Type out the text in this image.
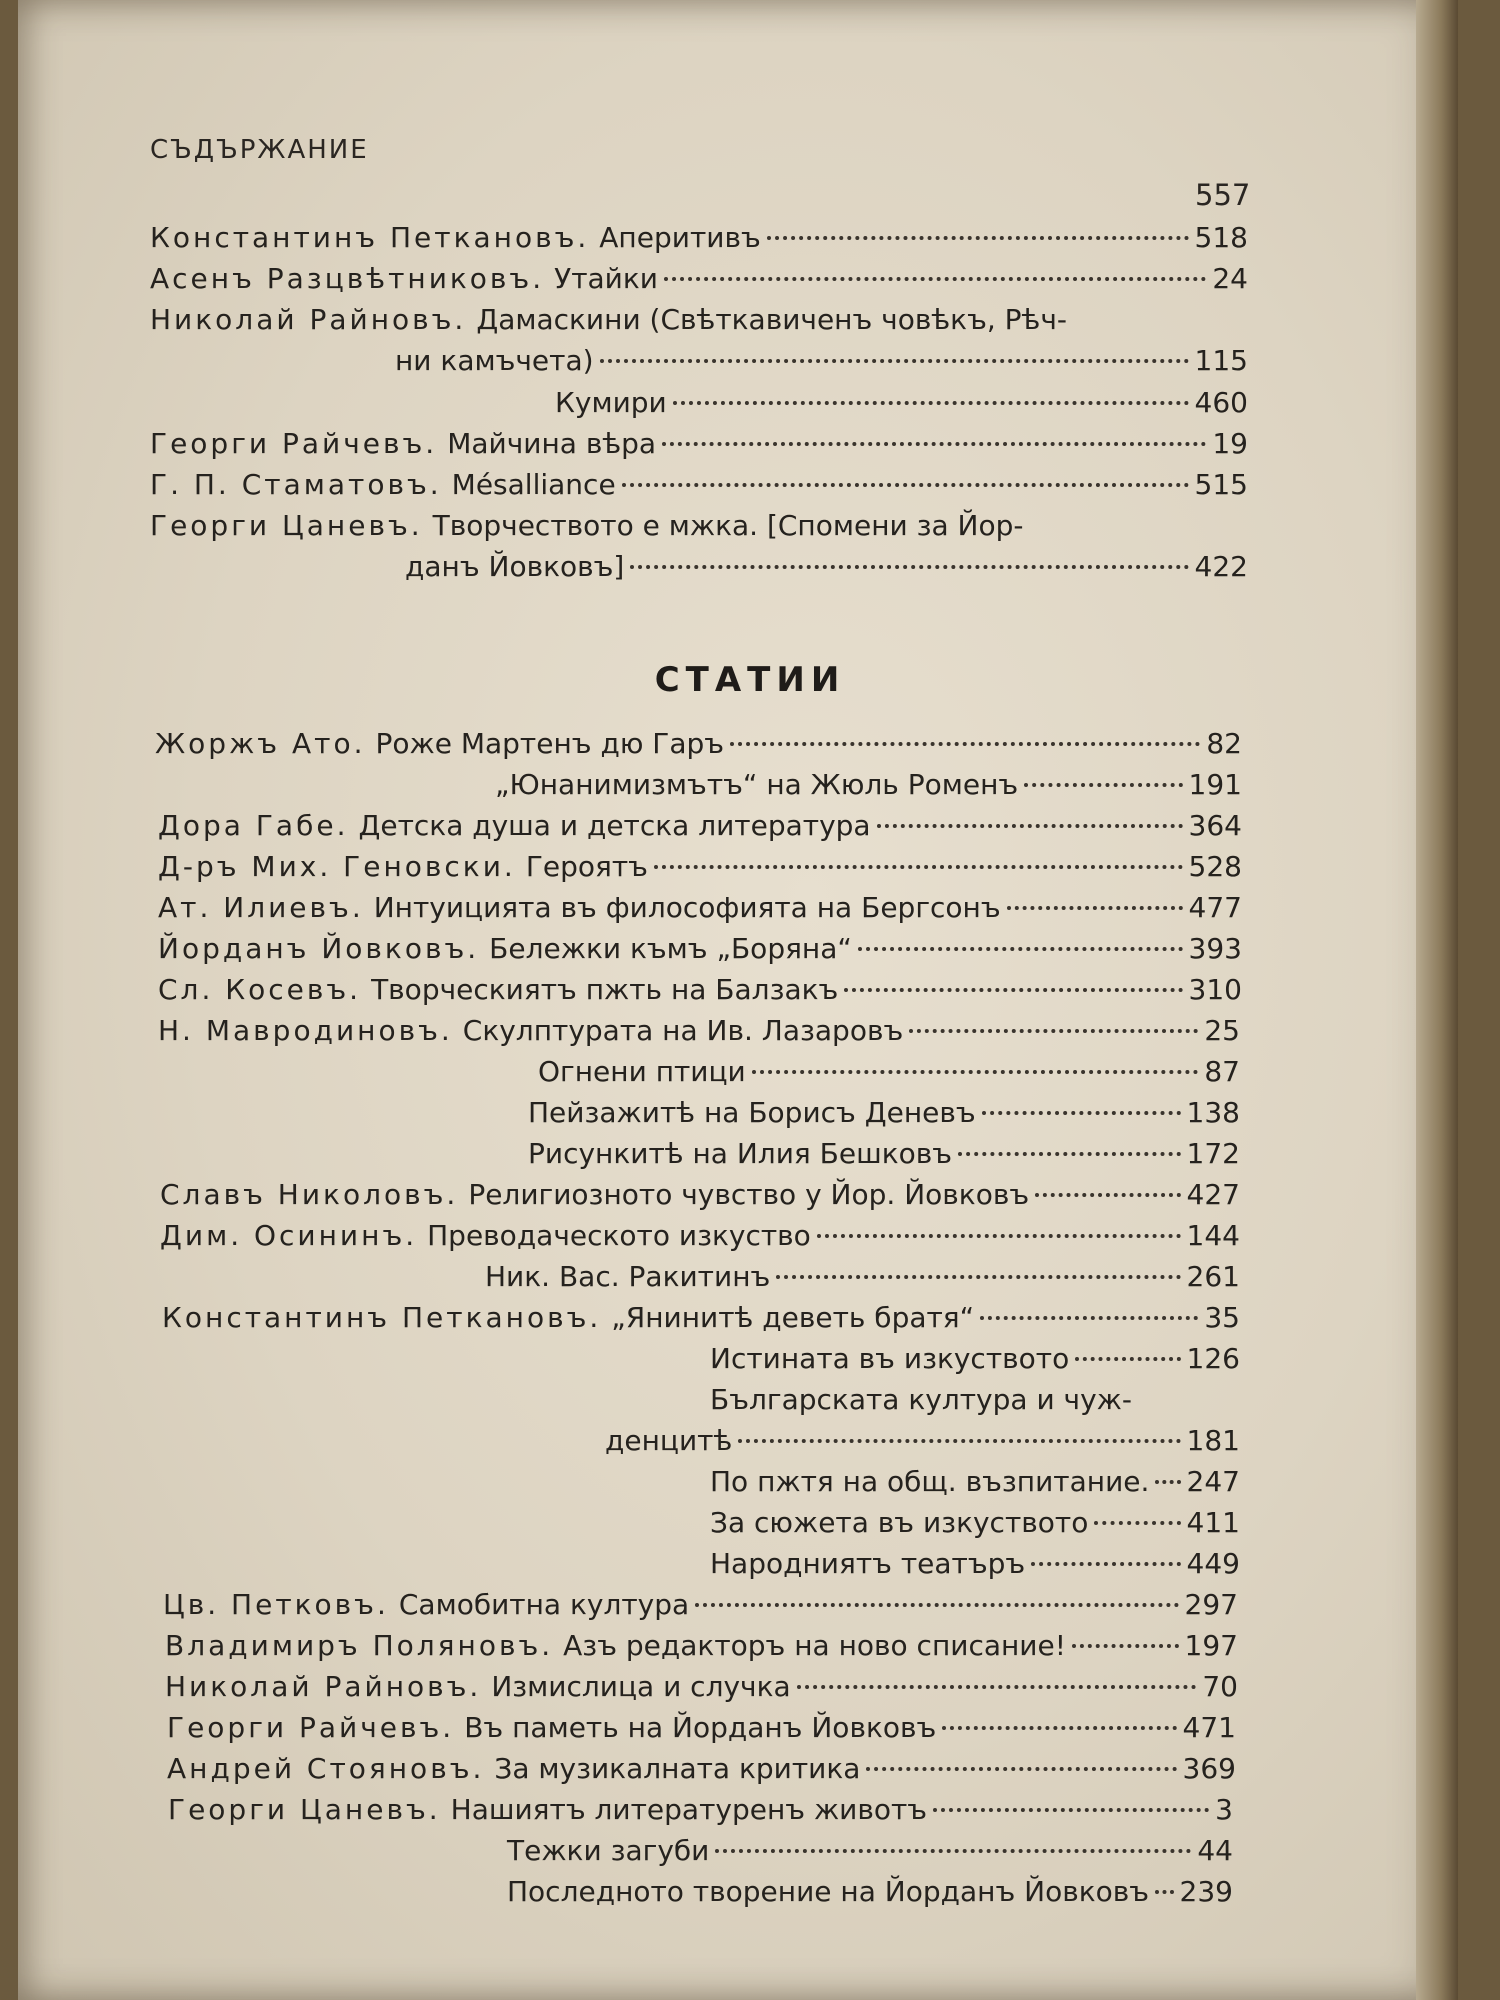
СЪДЪРЖАНИЕ
557
СТАТИИ
Константинъ Петкановъ. Аперитивъ	518
Асенъ Разцвѣтниковъ. Утайки	24
Николай Райновъ. Дамаскини (Свѣткавиченъ човѣкъ, Рѣч-
ни камъчета)	115
Кумири	460
Георги Райчевъ. Майчина вѣра	19
Г. П. Стаматовъ. Mésalliance	515
Георги Цаневъ. Творчеството е мжка. [Спомени за Йор-
данъ Йовковъ]	422
Жоржъ Ато. Роже Мартенъ дю Гаръ	82
„Юнанимизмътъ“ на Жюль Роменъ	191
Дора Габе. Детска душа и детска литература	364
Д-ръ Мих. Геновски. Героятъ	528
Ат. Илиевъ. Интуицията въ философията на Бергсонъ	477
Йорданъ Йовковъ. Бележки къмъ „Боряна“	393
Сл. Косевъ. Творческиятъ пжть на Балзакъ	310
Н. Мавродиновъ. Скулптурата на Ив. Лазаровъ	25
Огнени птици	87
Пейзажитѣ на Борисъ Деневъ	138
Рисункитѣ на Илия Бешковъ	172
Славъ Николовъ. Религиозното чувство у Йор. Йовковъ	427
Дим. Осининъ. Преводаческото изкуство	144
Ник. Вас. Ракитинъ	261
Константинъ Петкановъ. „Янинитѣ деветь братя“	35
Истината въ изкуството	126
Българската култура и чуж-
денцитѣ	181
По пжтя на общ. възпитание. 247
За сюжета въ изкуството	411
Народниятъ театъръ	449
Цв. Петковъ. Самобитна култура	297
Владимиръ Поляновъ. Азъ редакторъ на ново списание!	197
Николай Райновъ. Измислица и случка	70
Георги Райчевъ. Въ паметь на Йорданъ Йовковъ	471
Андрей Стояновъ. За музикалната критика	369
Георги Цаневъ. Нашиятъ литературенъ животъ	3
Тежки загуби	44
Последното творение на Йорданъ Йовковъ 239
